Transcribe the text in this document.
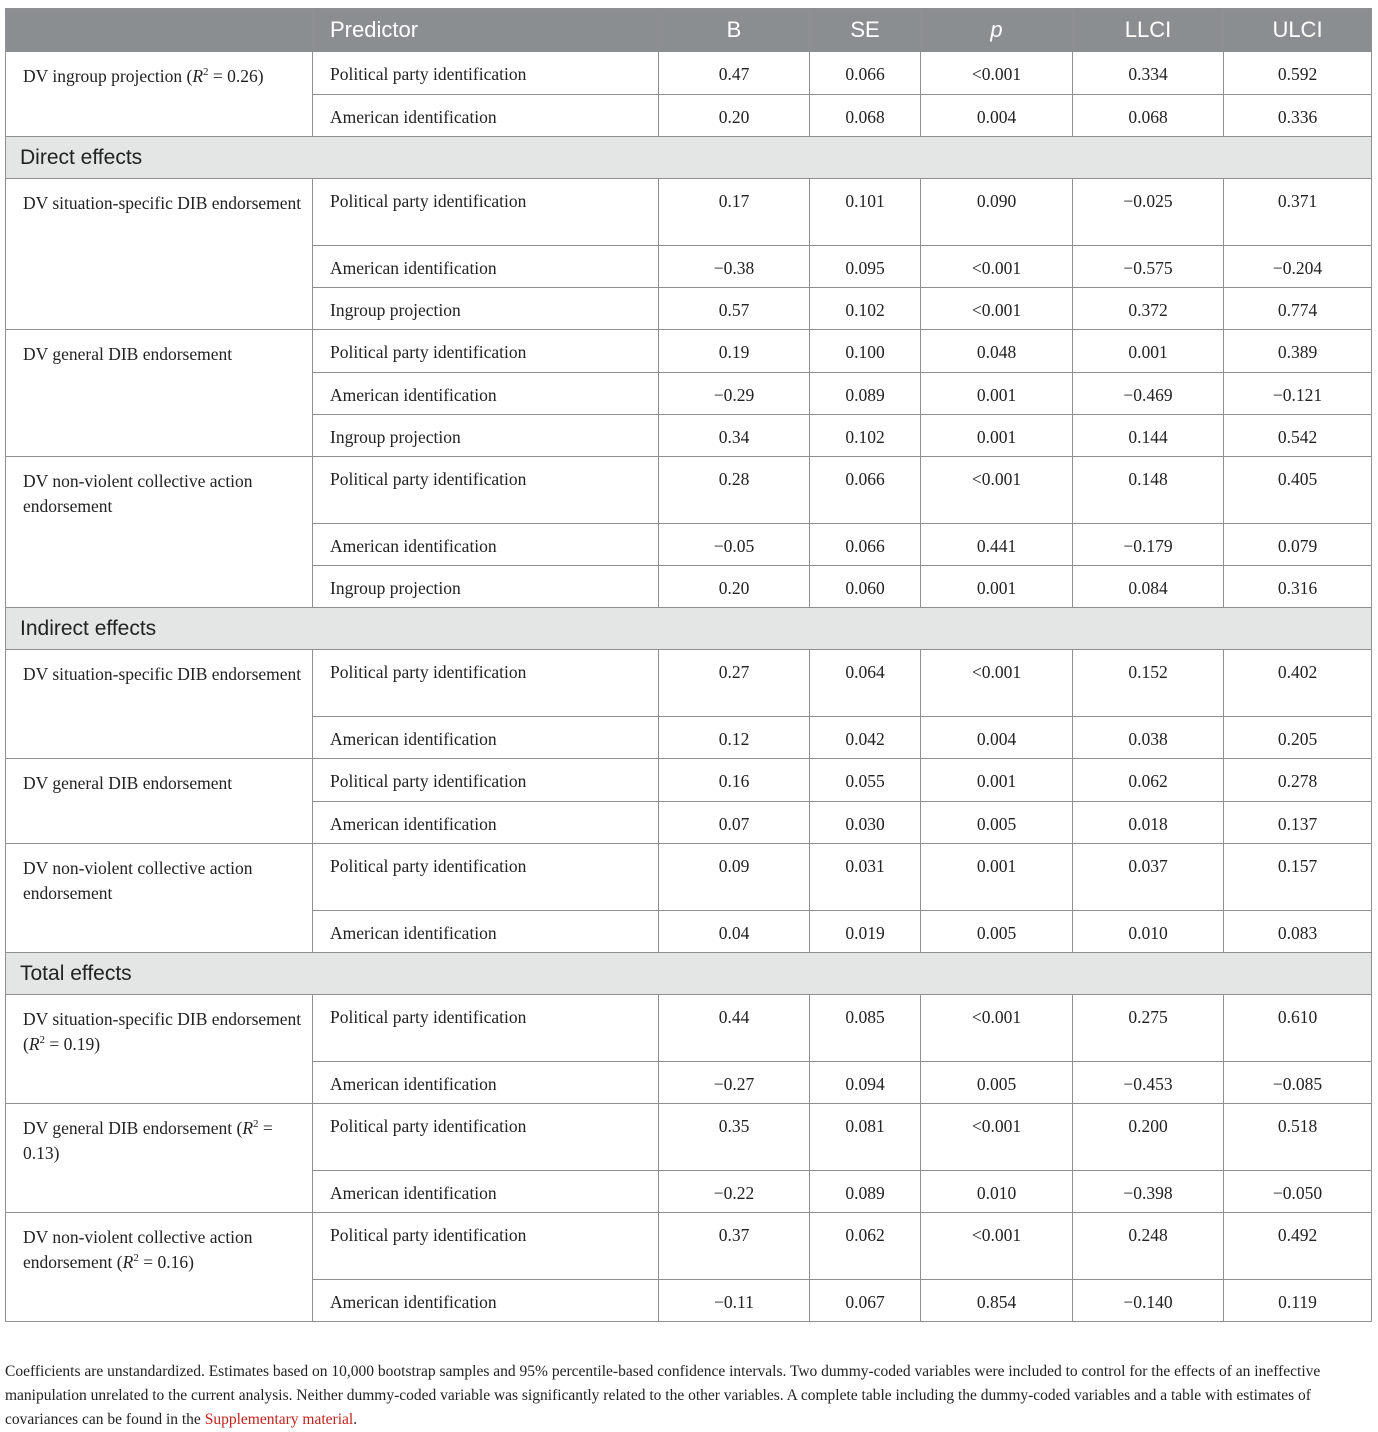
	Predictor	B	SE	p	LLCI	ULCI
DV ingroup projection $(R^2 = 0.26)$	Political party identification	0.47	0.066	<0.001	0.334	0.592
	American identification	0.20	0.068	0.004	0.068	0.336
Direct effects						
DV situation-specific DIB endorsement	Political party identification	0.17	0.101	0.090	−0.025	0.371
	American identification	−0.38	0.095	<0.001	−0.575	−0.204
	Ingroup projection	0.57	0.102	<0.001	0.372	0.774
DV general DIB endorsement	Political party identification	0.19	0.100	0.048	0.001	0.389
	American identification	−0.29	0.089	0.001	−0.469	−0.121
	Ingroup projection	0.34	0.102	0.001	0.144	0.542
DV non-violent collective action endorsement	Political party identification	0.28	0.066	<0.001	0.148	0.405
	American identification	−0.05	0.066	0.441	−0.179	0.079
	Ingroup projection	0.20	0.060	0.001	0.084	0.316
Indirect effects						
DV situation-specific DIB endorsement	Political party identification	0.27	0.064	<0.001	0.152	0.402
	American identification	0.12	0.042	0.004	0.038	0.205
DV general DIB endorsement	Political party identification	0.16	0.055	0.001	0.062	0.278
	American identification	0.07	0.030	0.005	0.018	0.137
DV non-violent collective action endorsement	Political party identification	0.09	0.031	0.001	0.037	0.157
	American identification	0.04	0.019	0.005	0.010	0.083
Total effects						
DV situation-specific DIB endorsement $(R^2 = 0.19)$	Political party identification	0.44	0.085	<0.001	0.275	0.610
	American identification	−0.27	0.094	0.005	−0.453	−0.085
DV general DIB endorsement $(R^2 = 0.13)$	Political party identification	0.35	0.081	<0.001	0.200	0.518
	American identification	−0.22	0.089	0.010	−0.398	−0.050
DV non-violent collective action endorsement $(R^2 = 0.16)$	Political party identification	0.37	0.062	<0.001	0.248	0.492
	American identification	−0.11	0.067	0.854	−0.140	0.119
Coefficients are unstandardized. Estimates based on 10,000 bootstrap samples and 95% percentile-based confidence intervals. Two dummy-coded variables were included to control for the effects of an ineffective manipulation unrelated to the current analysis. Neither dummy-coded variable was significantly related to the other variables. A complete table including the dummy-coded variables and a table with estimates of covariances can be found in the Supplementary material.
